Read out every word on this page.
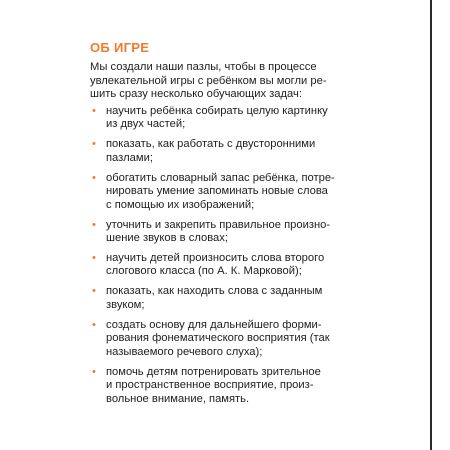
ОБ ИГРЕ

Мы создали наши пазлы, чтобы в процессе
увлекательной игры с ребёнком вы могли ре-
шить сразу несколько обучающих задач:

• научить ребёнка собирать целую картинку
из двух частей;
• показать, как работать с двусторонними
пазлами;
• обогатить словарный запас ребёнка, потре-
нировать умение запоминать новые слова
с помощью их изображений;
• уточнить и закрепить правильное произно-
шение звуков в словах;
• научить детей произносить слова второго
слогового класса (по А. К. Марковой);
• показать, как находить слова с заданным
звуком;
• создать основу для дальнейшего форми-
рования фонематического восприятия (так
называемого речевого слуха);
• помочь детям потренировать зрительное
и пространственное восприятие, произ-
вольное внимание, память.
